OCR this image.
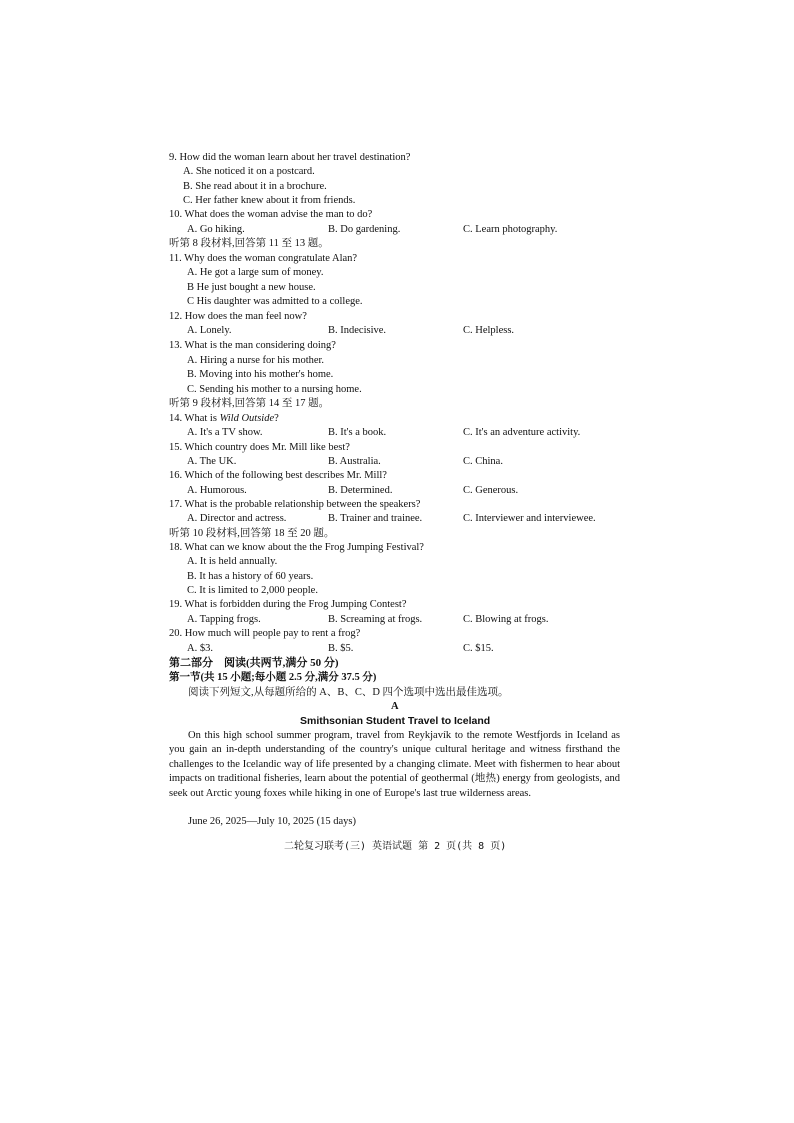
9. How did the woman learn about her travel destination?
A. She noticed it on a postcard.
B. She read about it in a brochure.
C. Her father knew about it from friends.
10. What does the woman advise the man to do?
A. Go hiking.	B. Do gardening.	C. Learn photography.
听第 8 段材料,回答第 11 至 13 题。
11. Why does the woman congratulate Alan?
A. He got a large sum of money.
B He just bought a new house.
C His daughter was admitted to a college.
12. How does the man feel now?
A. Lonely.	B. Indecisive.	C. Helpless.
13. What is the man considering doing?
A. Hiring a nurse for his mother.
B. Moving into his mother's home.
C. Sending his mother to a nursing home.
听第 9 段材料,回答第 14 至 17 题。
14. What is Wild Outside?
A. It's a TV show.	B. It's a book.	C. It's an adventure activity.
15. Which country does Mr. Mill like best?
A. The UK.	B. Australia.	C. China.
16. Which of the following best describes Mr. Mill?
A. Humorous.	B. Determined.	C. Generous.
17. What is the probable relationship between the speakers?
A. Director and actress.	B. Trainer and trainee.	C. Interviewer and interviewee.
听第 10 段材料,回答第 18 至 20 题。
18. What can we know about the the Frog Jumping Festival?
A. It is held annually.
B. It has a history of 60 years.
C. It is limited to 2,000 people.
19. What is forbidden during the Frog Jumping Contest?
A. Tapping frogs.	B. Screaming at frogs.	C. Blowing at frogs.
20. How much will people pay to rent a frog?
A. $3.	B. $5.	C. $15.
第二部分　阅读(共两节,满分 50 分)
第一节(共 15 小题;每小题 2.5 分,满分 37.5 分)
阅读下列短文,从每题所给的 A、B、C、D 四个选项中选出最佳选项。
A
Smithsonian Student Travel to Iceland
On this high school summer program, travel from Reykjavík to the remote Westfjords in Iceland as you gain an in-depth understanding of the country's unique cultural heritage and witness firsthand the challenges to the Icelandic way of life presented by a changing climate. Meet with fishermen to hear about impacts on traditional fisheries, learn about the potential of geothermal (地热) energy from geologists, and seek out Arctic young foxes while hiking in one of Europe's last true wilderness areas.
June 26, 2025—July 10, 2025 (15 days)
二轮复习联考(三) 英语试题 第 2 页(共 8 页)
